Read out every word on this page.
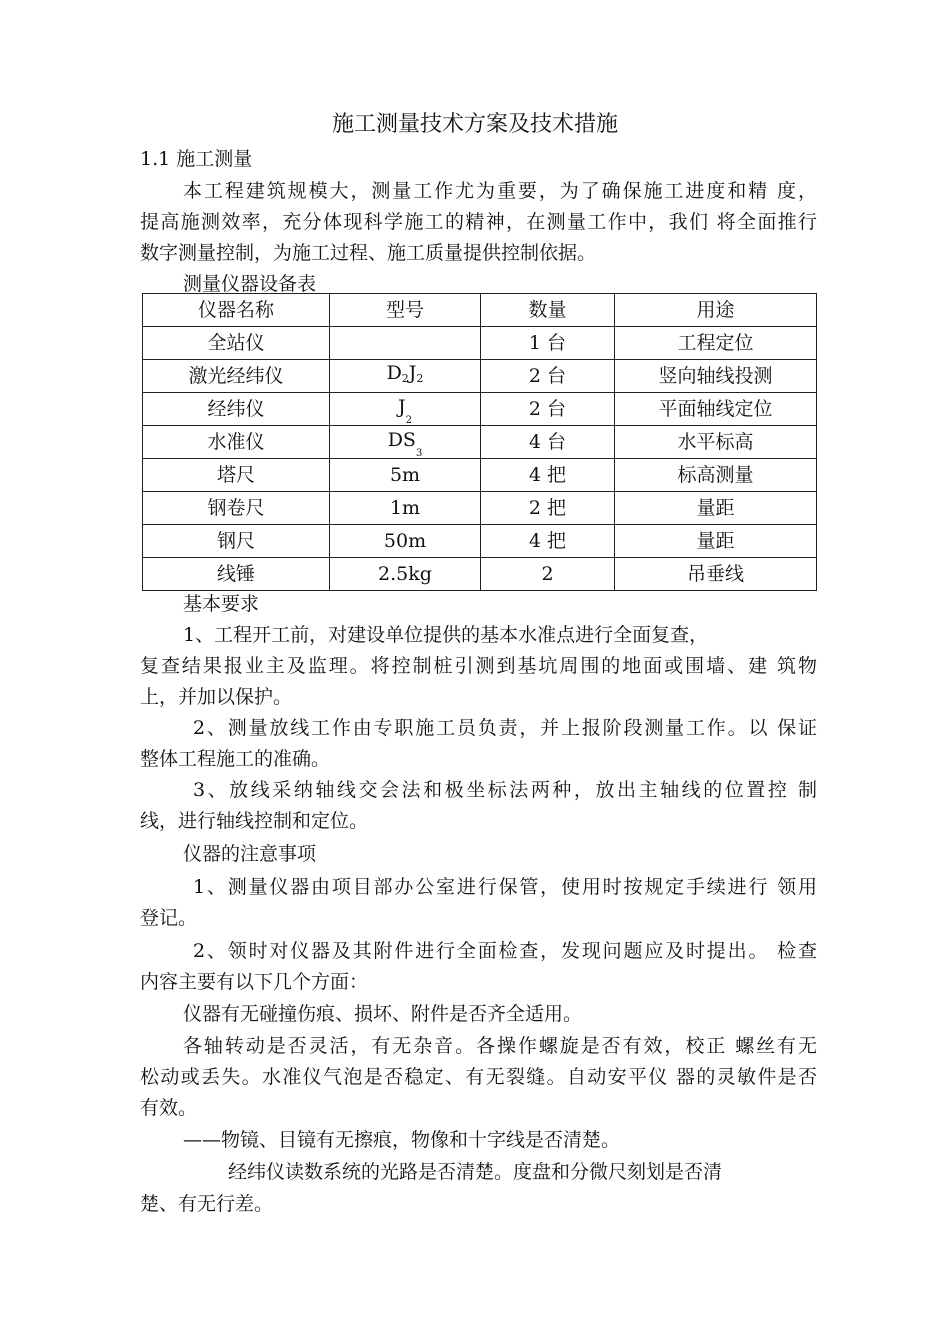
施工测量技术方案及技术措施
1.1 施工测量
本工程建筑规模大，测量工作尤为重要，为了确保施工进度和精 度，
提高施测效率，充分体现科学施工的精神，在测量工作中，我们 将全面推行
数字测量控制，为施工过程、施工质量提供控制依据。
测量仪器设备表
仪器名称	型号	数量	用途
全站仪		1 台	工程定位
激光经纬仪	$D_2J_2$	2 台	竖向轴线投测
经纬仪	$J_2$	2 台	平面轴线定位
水准仪	$DS_3$	4 台	水平标高
塔尺	5m	4 把	标高测量
钢卷尺	1m	2 把	量距
钢尺	50m	4 把	量距
线锤	2.5kg	2	吊垂线
基本要求
1、工程开工前，对建设单位提供的基本水准点进行全面复查，
复查结果报业主及监理。将控制桩引测到基坑周围的地面或围墙、建 筑物
上，并加以保护。
2、测量放线工作由专职施工员负责，并上报阶段测量工作。以 保证
整体工程施工的准确。
3、放线采纳轴线交会法和极坐标法两种，放出主轴线的位置控 制
线，进行轴线控制和定位。
仪器的注意事项
1、测量仪器由项目部办公室进行保管，使用时按规定手续进行 领用
登记。
2、领时对仪器及其附件进行全面检查，发现问题应及时提出。 检查
内容主要有以下几个方面：
仪器有无碰撞伤痕、损坏、附件是否齐全适用。
各轴转动是否灵活，有无杂音。各操作螺旋是否有效，校正 螺丝有无
松动或丢失。水准仪气泡是否稳定、有无裂缝。自动安平仪 器的灵敏件是否
有效。
——物镜、目镜有无擦痕，物像和十字线是否清楚。
经纬仪读数系统的光路是否清楚。度盘和分微尺刻划是否清
楚、有无行差。
